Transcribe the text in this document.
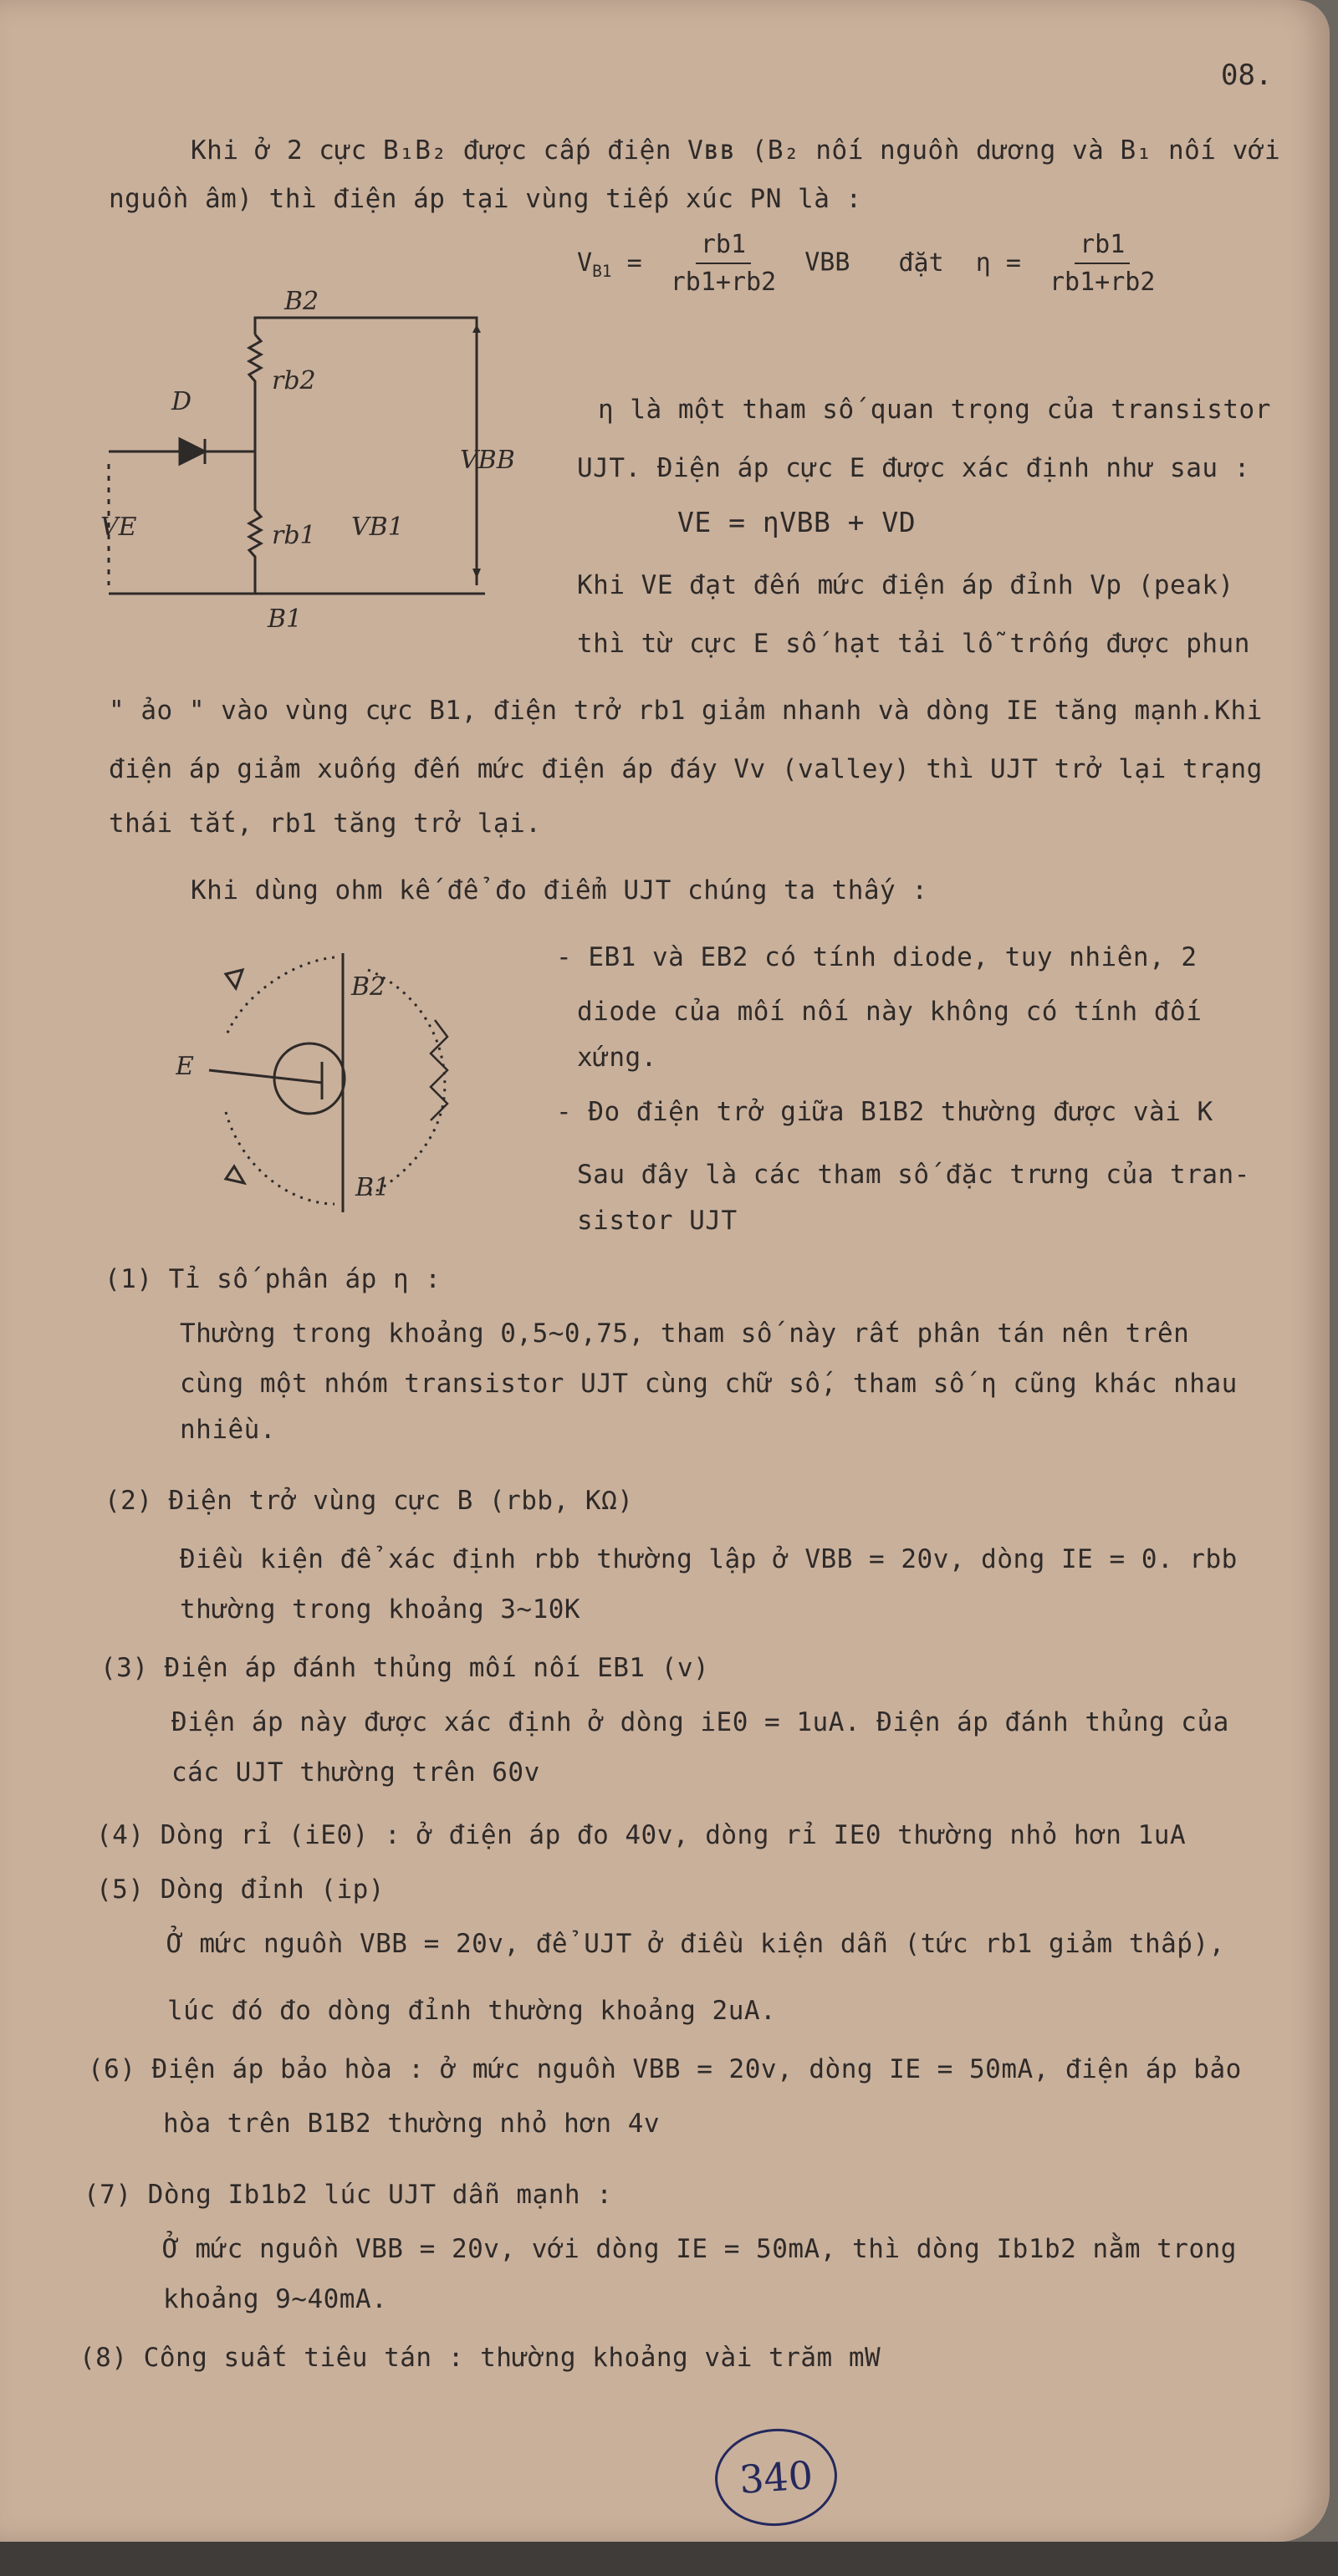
08.
Khi ở 2 cực B₁B₂ được cấp điện Vʙʙ (B₂ nối nguồn dương và B₁ nối với
nguồn âm) thì điện áp tại vùng tiếp xúc PN là :
$V_{B1} = \frac{rb1}{rb1+rb2}$ VBB đặt $\eta = \frac{rb1}{rb1+rb2}$
B2
D
rb2
VBB
VE	rb1 VB1
B1
η là một tham số quan trọng của transistor
UJT. Điện áp cực E được xác định như sau :
VE = ηVBB + VD
Khi VE đạt đến mức điện áp đỉnh Vp (peak)
thì từ cực E số hạt tải lỗ trống được phun
" ảo " vào vùng cực B1, điện trở rb1 giảm nhanh và dòng IE tăng mạnh.Khi
điện áp giảm xuống đến mức điện áp đáy Vv (valley) thì UJT trở lại trạng
thái tắt, rb1 tăng trở lại.
Khi dùng ohm kế để đo điểm UJT chúng ta thấy :
E
B2
B1
- EB1 và EB2 có tính diode, tuy nhiên, 2
diode của mối nối này không có tính đối
xứng.
- Đo điện trở giữa B1B2 thường được vài K
Sau đây là các tham số đặc trưng của tran-
sistor UJT
(1) Tỉ số phân áp η :
Thường trong khoảng 0,5~0,75, tham số này rất phân tán nên trên
cùng một nhóm transistor UJT cùng chữ số, tham số η cũng khác nhau
nhiều.
(2) Điện trở vùng cực B (rbb, KΩ)
Điều kiện để xác định rbb thường lập ở VBB = 20v, dòng IE = 0. rbb
thường trong khoảng 3~10K
(3) Điện áp đánh thủng mối nối EB1 (v)
Điện áp này được xác định ở dòng iE0 = 1uA. Điện áp đánh thủng của
các UJT thường trên 60v
(4) Dòng rỉ (iE0) : ở điện áp đo 40v, dòng rỉ IE0 thường nhỏ hơn 1uA
(5) Dòng đỉnh (ip)
Ở mức nguồn VBB = 20v, để UJT ở điều kiện dẫn (tức rb1 giảm thấp),
lúc đó đo dòng đỉnh thường khoảng 2uA.
(6) Điện áp bảo hòa : ở mức nguồn VBB = 20v, dòng IE = 50mA, điện áp bảo
hòa trên B1B2 thường nhỏ hơn 4v
(7) Dòng Ib1b2 lúc UJT dẫn mạnh :
Ở mức nguồn VBB = 20v, với dòng IE = 50mA, thì dòng Ib1b2 nằm trong
khoảng 9~40mA.
(8) Công suất tiêu tán : thường khoảng vài trăm mW
340
